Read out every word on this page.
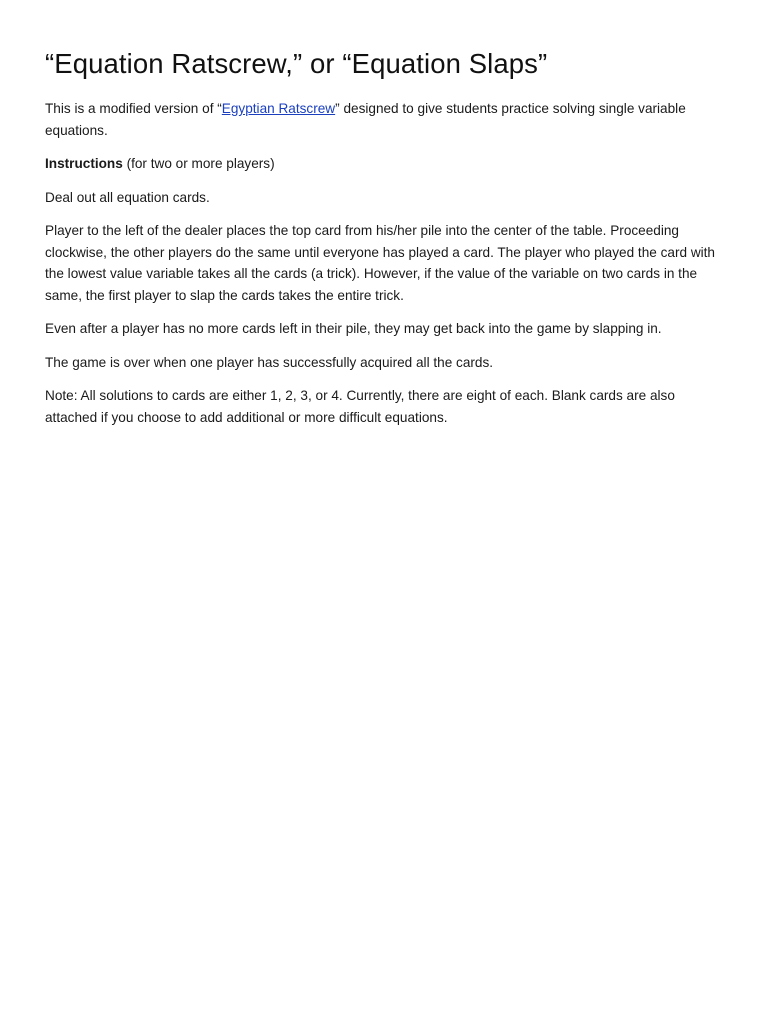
“Equation Ratscrew,” or “Equation Slaps”

This is a modified version of “Egyptian Ratscrew” designed to give students practice solving single variable equations.

Instructions (for two or more players)

Deal out all equation cards.

Player to the left of the dealer places the top card from his/her pile into the center of the table. Proceeding clockwise, the other players do the same until everyone has played a card. The player who played the card with the lowest value variable takes all the cards (a trick). However, if the value of the variable on two cards in the same, the first player to slap the cards takes the entire trick.

Even after a player has no more cards left in their pile, they may get back into the game by slapping in.

The game is over when one player has successfully acquired all the cards.

Note: All solutions to cards are either 1, 2, 3, or 4. Currently, there are eight of each. Blank cards are also attached if you choose to add additional or more difficult equations.
